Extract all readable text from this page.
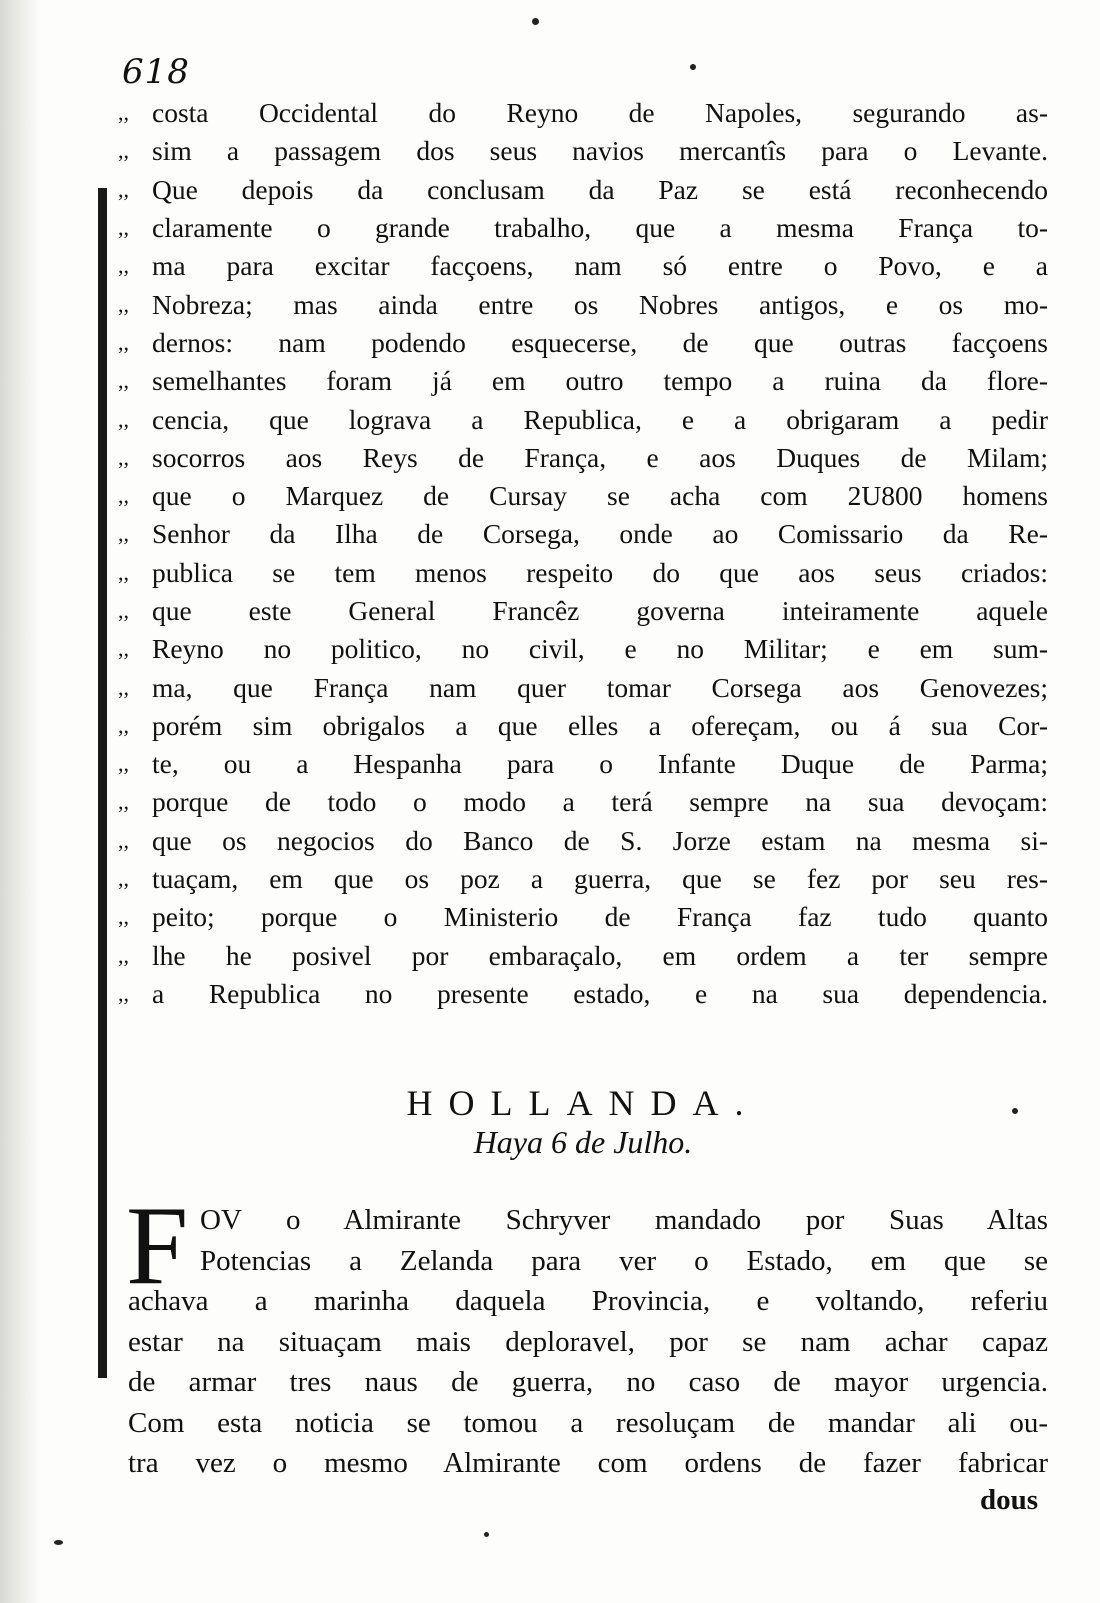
618
,, costa Occidental do Reyno de Napoles, segurando as-
,, sim a passagem dos seus navios mercantîs para o Levante.
,, Que depois da conclusam da Paz se está reconhecendo
,, claramente o grande trabalho, que a mesma França to-
,, ma para excitar facçoens, nam só entre o Povo, e a
,, Nobreza; mas ainda entre os Nobres antigos, e os mo-
,, dernos: nam podendo esquecerse, de que outras facçoens
,, semelhantes foram já em outro tempo a ruina da flore-
,, cencia, que lograva a Republica, e a obrigaram a pedir
,, socorros aos Reys de França, e aos Duques de Milam;
,, que o Marquez de Cursay se acha com 2U800 homens
,, Senhor da Ilha de Corsega, onde ao Comissario da Re-
,, publica se tem menos respeito do que aos seus criados:
,, que este General Francêz governa inteiramente aquele
,, Reyno no politico, no civil, e no Militar; e em sum-
,, ma, que França nam quer tomar Corsega aos Genovezes;
,, porém sim obrigalos a que elles a ofereçam, ou á sua Cor-
,, te, ou a Hespanha para o Infante Duque de Parma;
,, porque de todo o modo a terá sempre na sua devoçam:
,, que os negocios do Banco de S. Jorze estam na mesma si-
,, tuaçam, em que os poz a guerra, que se fez por seu res-
,, peito; porque o Ministerio de França faz tudo quanto
,, lhe he posivel por embaraçalo, em ordem a ter sempre
,, a Republica no presente estado, e na sua dependencia.
HOLLANDA.
Haya 6 de Julho.
F OV o Almirante Schryver mandado por Suas Altas
Potencias a Zelanda para ver o Estado, em que se
achava a marinha daquela Provincia, e voltando, referiu
estar na situaçam mais deploravel, por se nam achar capaz
de armar tres naus de guerra, no caso de mayor urgencia.
Com esta noticia se tomou a resoluçam de mandar ali ou-
tra vez o mesmo Almirante com ordens de fazer fabricar
dous
